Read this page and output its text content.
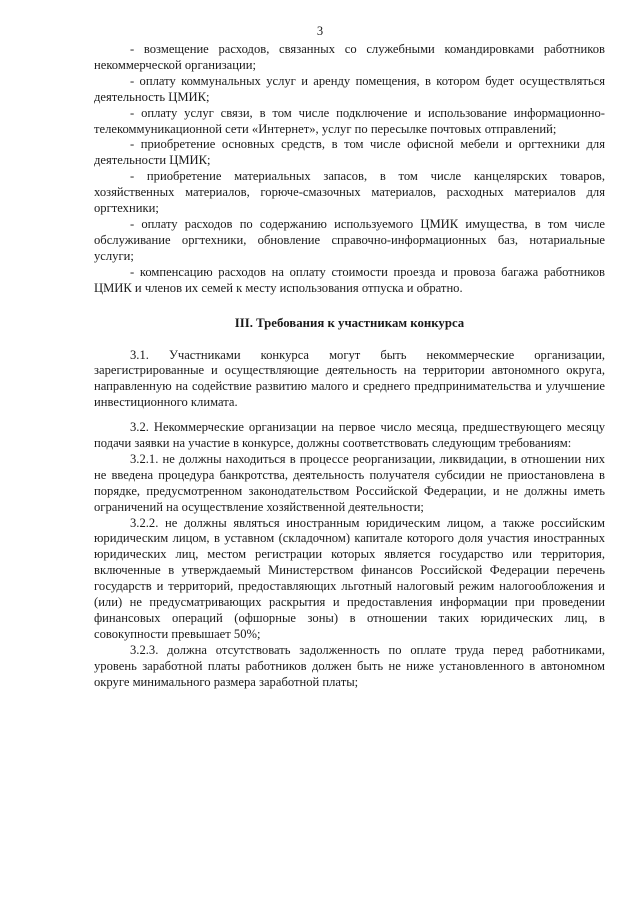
3

- возмещение расходов, связанных со служебными командировками работников некоммерческой организации;

- оплату коммунальных услуг и аренду помещения, в котором будет осуществляться деятельность ЦМИК;

- оплату услуг связи, в том числе подключение и использование информационно-телекоммуникационной сети «Интернет», услуг по пересылке почтовых отправлений;

- приобретение основных средств, в том числе офисной мебели и оргтехники для деятельности ЦМИК;

- приобретение материальных запасов, в том числе канцелярских товаров, хозяйственных материалов, горюче-смазочных материалов, расходных материалов для оргтехники;

- оплату расходов по содержанию используемого ЦМИК имущества, в том числе обслуживание оргтехники, обновление справочно-информационных баз, нотариальные услуги;

- компенсацию расходов на оплату стоимости проезда и провоза багажа работников ЦМИК и членов их семей к месту использования отпуска и обратно.

III. Требования к участникам конкурса

3.1. Участниками конкурса могут быть некоммерческие организации, зарегистрированные и осуществляющие деятельность на территории автономного округа, направленную на содействие развитию малого и среднего предпринимательства и улучшение инвестиционного климата.

3.2. Некоммерческие организации на первое число месяца, предшествующего месяцу подачи заявки на участие в конкурсе, должны соответствовать следующим требованиям:

3.2.1. не должны находиться в процессе реорганизации, ликвидации, в отношении них не введена процедура банкротства, деятельность получателя субсидии не приостановлена в порядке, предусмотренном законодательством Российской Федерации, и не должны иметь ограничений на осуществление хозяйственной деятельности;

3.2.2. не должны являться иностранным юридическим лицом, а также российским юридическим лицом, в уставном (складочном) капитале которого доля участия иностранных юридических лиц, местом регистрации которых является государство или территория, включенные в утверждаемый Министерством финансов Российской Федерации перечень государств и территорий, предоставляющих льготный налоговый режим налогообложения и (или) не предусматривающих раскрытия и предоставления информации при проведении финансовых операций (офшорные зоны) в отношении таких юридических лиц, в совокупности превышает 50%;

3.2.3. должна отсутствовать задолженность по оплате труда перед работниками, уровень заработной платы работников должен быть не ниже установленного в автономном округе минимального размера заработной платы;
